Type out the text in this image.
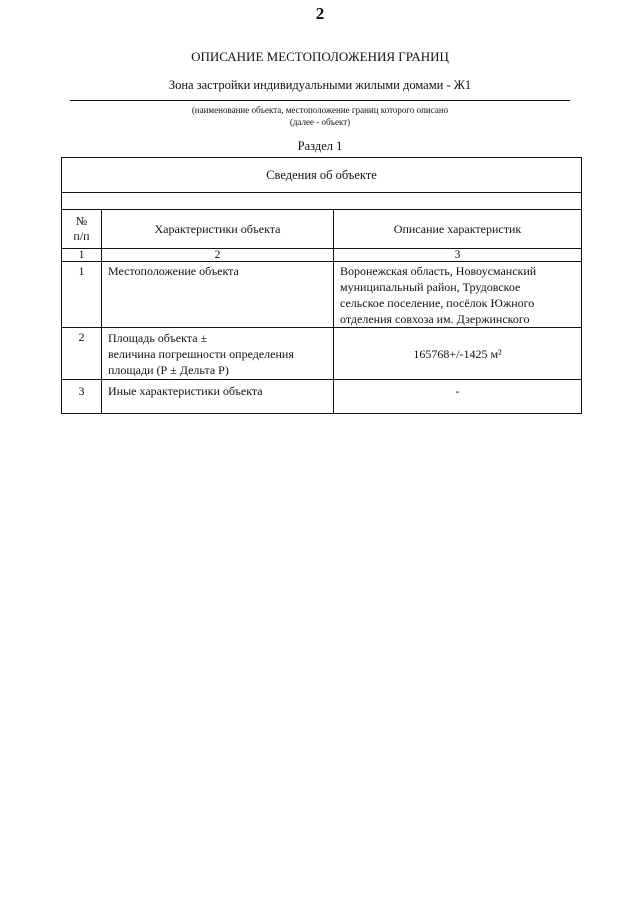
2
ОПИСАНИЕ МЕСТОПОЛОЖЕНИЯ ГРАНИЦ
Зона застройки индивидуальными жилыми домами - Ж1
(наименование объекта, местоположение границ которого описано
(далее - объект)
Раздел 1
Сведения об объекте		

№
п/п	Характеристики объекта	Описание характеристик
1	2	3
1	Местоположение объекта	Воронежская область, Новоусманский
муниципальный район, Трудовское
сельское поселение, посёлок Южного
отделения совхоза им. Дзержинского

2	Площадь объекта ±
величина погрешности определения
площади (Р ± Дельта Р)	165768+/-1425 м²
3	Иные характеристики объекта	-
